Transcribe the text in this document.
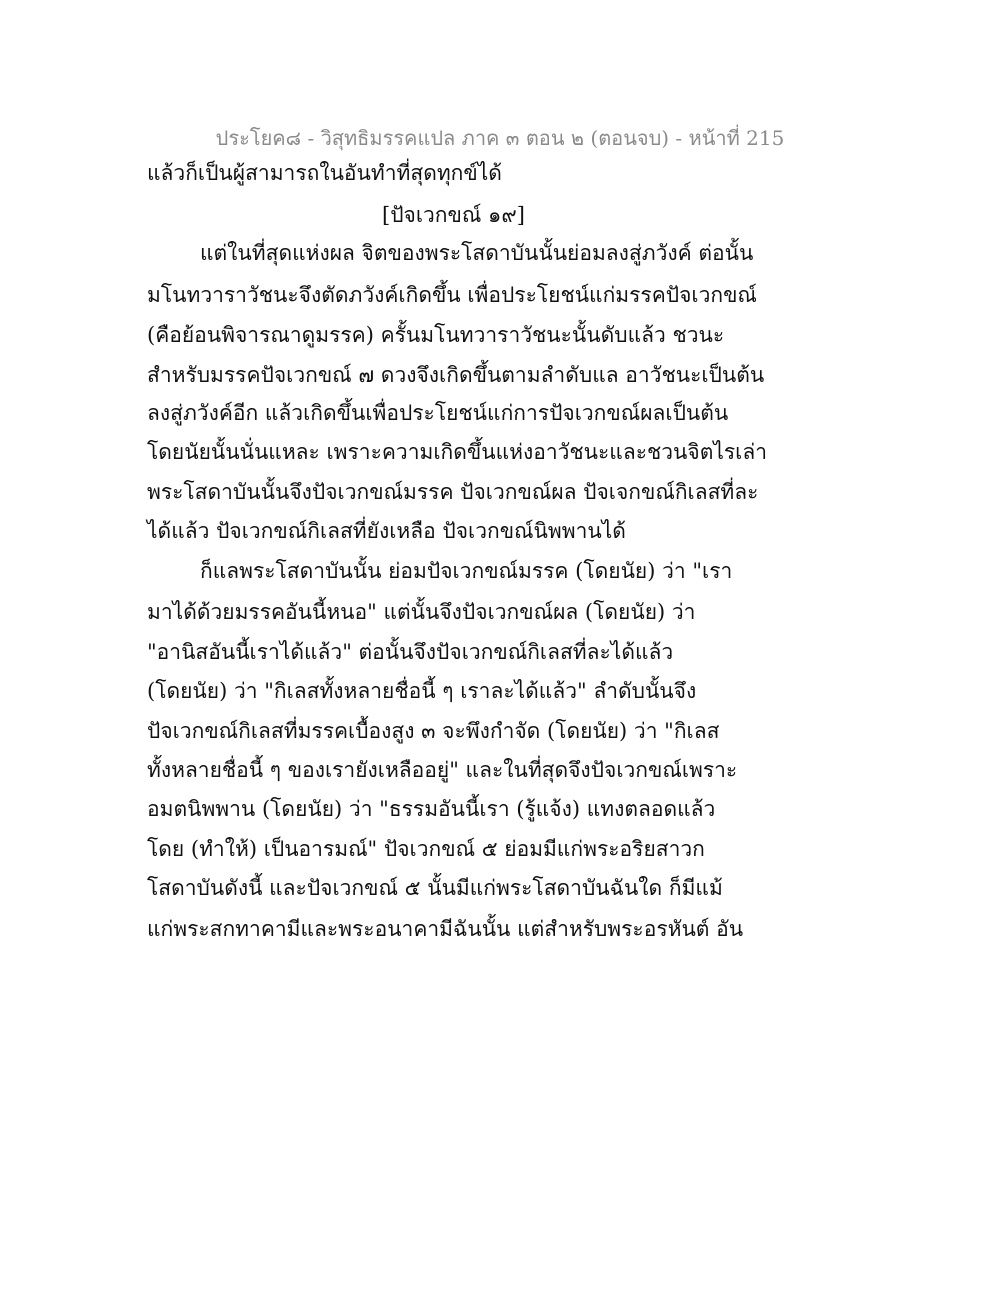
ประโยค๘ - วิสุทธิมรรคแปล ภาค ๓ ตอน ๒ (ตอนจบ) - หน้าที่ 215
แล้วก็เป็นผู้สามารถในอันทำที่สุดทุกข์ได้
[ปัจเวกขณ์ ๑๙]
แต่ในที่สุดแห่งผล จิตของพระโสดาบันนั้นย่อมลงสู่ภวังค์ ต่อนั้น
มโนทวาราวัชนะจึงตัดภวังค์เกิดขึ้น เพื่อประโยชน์แก่มรรคปัจเวกขณ์
(คือย้อนพิจารณาดูมรรค) ครั้นมโนทวาราวัชนะนั้นดับแล้ว ชวนะ
สำหรับมรรคปัจเวกขณ์ ๗ ดวงจึงเกิดขึ้นตามลำดับแล อาวัชนะเป็นต้น
ลงสู่ภวังค์อีก แล้วเกิดขึ้นเพื่อประโยชน์แก่การปัจเวกขณ์ผลเป็นต้น
โดยนัยนั้นนั่นแหละ เพราะความเกิดขึ้นแห่งอาวัชนะและชวนจิตไรเล่า
พระโสดาบันนั้นจึงปัจเวกขณ์มรรค ปัจเวกขณ์ผล ปัจเจกขณ์กิเลสที่ละ
ได้แล้ว ปัจเวกขณ์กิเลสที่ยังเหลือ ปัจเวกขณ์นิพพานได้
ก็แลพระโสดาบันนั้น ย่อมปัจเวกขณ์มรรค (โดยนัย) ว่า "เรา
มาได้ด้วยมรรคอันนี้หนอ" แต่นั้นจึงปัจเวกขณ์ผล (โดยนัย) ว่า
"อานิสอันนี้เราได้แล้ว" ต่อนั้นจึงปัจเวกขณ์กิเลสที่ละได้แล้ว
(โดยนัย) ว่า "กิเลสทั้งหลายชื่อนี้ ๆ เราละได้แล้ว" ลำดับนั้นจึง
ปัจเวกขณ์กิเลสที่มรรคเบื้องสูง ๓ จะพึงกำจัด (โดยนัย) ว่า "กิเลส
ทั้งหลายชื่อนี้ ๆ ของเรายังเหลืออยู่" และในที่สุดจึงปัจเวกขณ์เพราะ
อมตนิพพาน (โดยนัย) ว่า "ธรรมอันนี้เรา (รู้แจ้ง) แทงตลอดแล้ว
โดย (ทำให้) เป็นอารมณ์" ปัจเวกขณ์ ๕ ย่อมมีแก่พระอริยสาวก
โสดาบันดังนี้ และปัจเวกขณ์ ๕ นั้นมีแก่พระโสดาบันฉันใด ก็มีแม้
แก่พระสกทาคามีและพระอนาคามีฉันนั้น แต่สำหรับพระอรหันต์ อัน
